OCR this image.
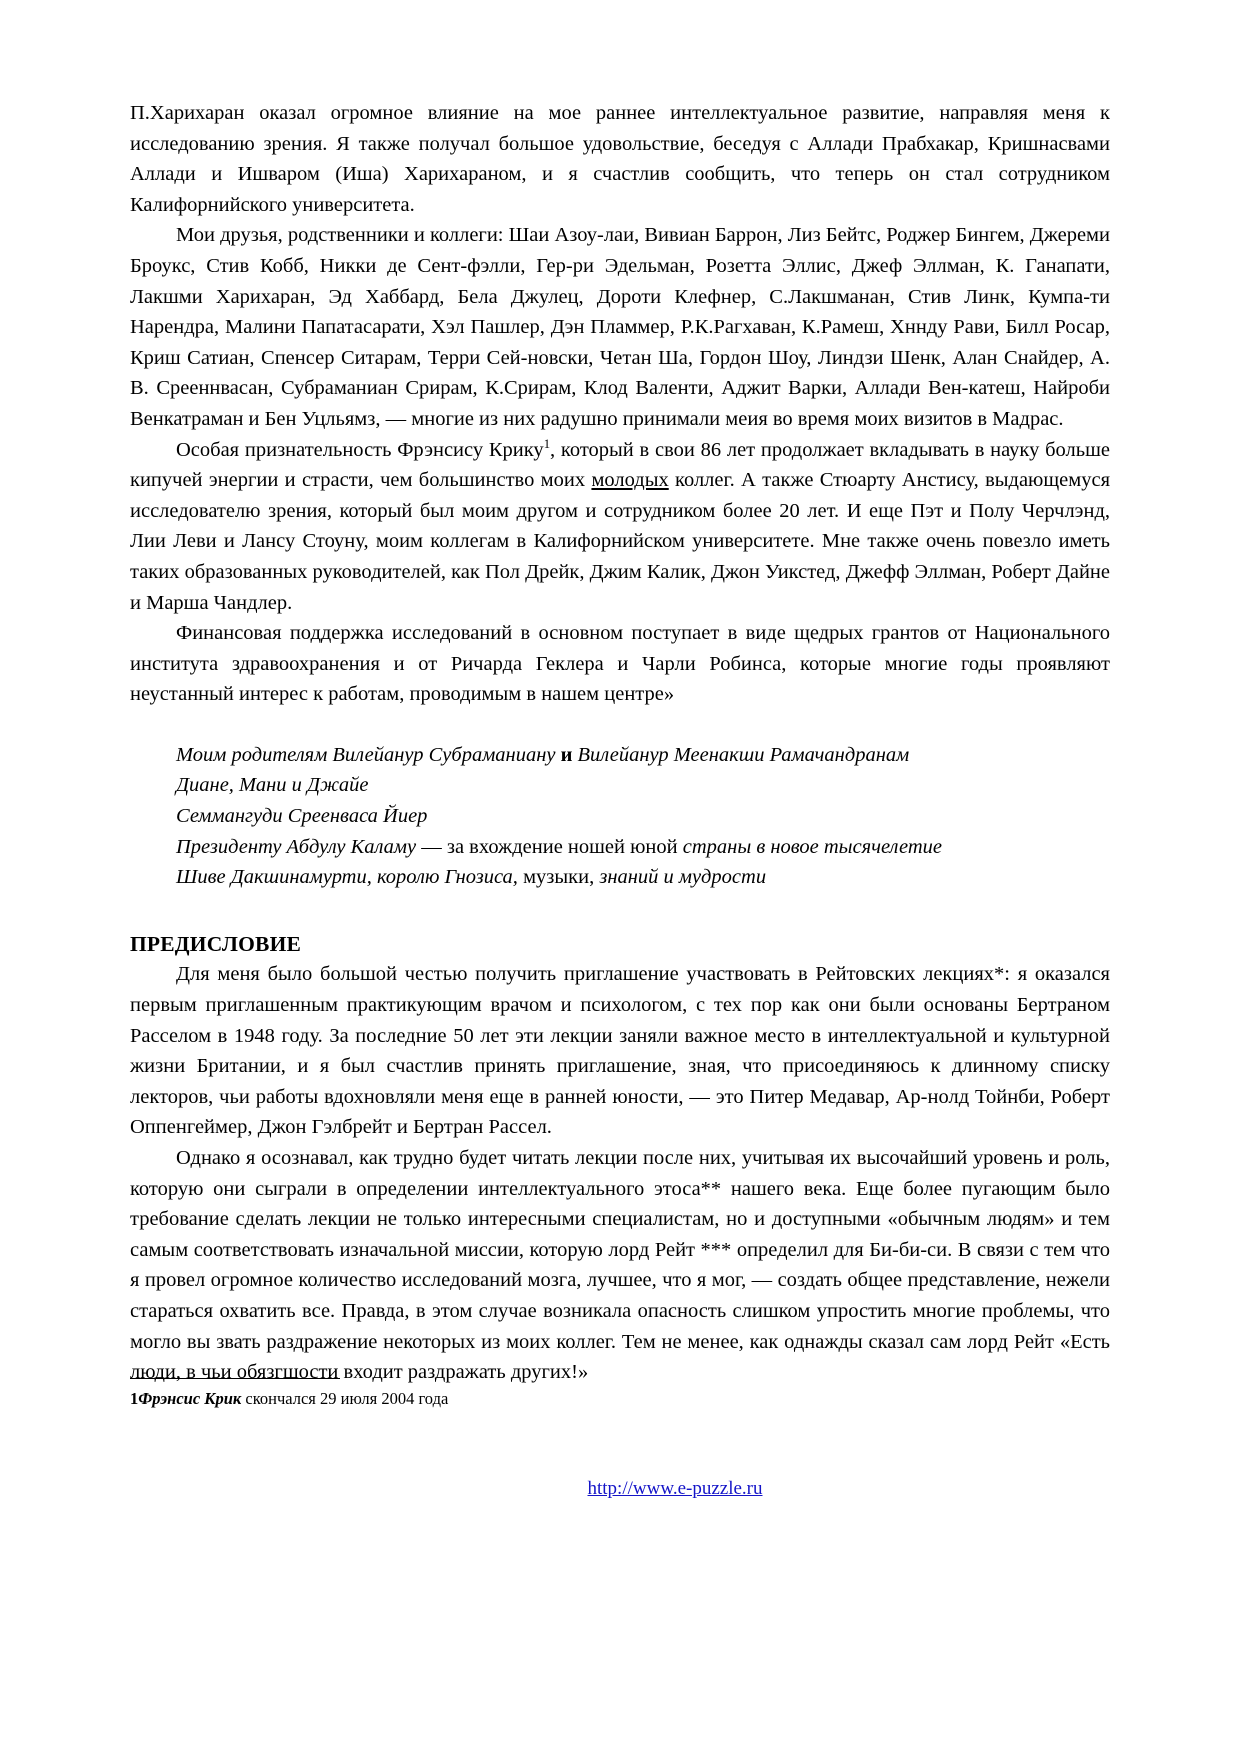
П.Харихаран оказал огромное влияние на мое раннее интеллектуальное развитие, направляя меня к исследованию зрения. Я также получал большое удовольствие, беседуя с Аллади Прабхакар, Кришнасвами Аллади и Ишваром (Иша) Харихараном, и я счастлив сообщить, что теперь он стал сотрудником Калифорнийского университета.

Мои друзья, родственники и коллеги: Шаи Азоу-лаи, Вивиан Баррон, Лиз Бейтс, Роджер Бингем, Джереми Броукс, Стив Кобб, Никки де Сент-фэлли, Гер-ри Эдельман, Розетта Эллис, Джеф Эллман, К. Ганапати, Лакшми Харихаран, Эд Хаббард, Бела Джулец, Дороти Клефнер, С.Лакшманан, Стив Линк, Кумпа-ти Нарендра, Малини Папатасарати, Хэл Пашлер, Дэн Пламмер, Р.К.Рагхаван, К.Рамеш, Хннду Рави, Билл Росар, Криш Сатиан, Спенсер Ситарам, Терри Сей-новски, Четан Ша, Гордон Шоу, Линдзи Шенк, Алан Снайдер, А. В. Срееннвасан, Субраманиан Срирам, К.Срирам, Клод Валенти, Аджит Варки, Аллади Вен-катеш, Найроби Венкатраман и Бен Уцльямз, — многие из них радушно принимали меия во время моих визитов в Мадрас.

Особая признательность Фрэнсису Крику$^1$, который в свои 86 лет продолжает вкладывать в науку больше кипучей энергии и страсти, чем большинство моих молодых коллег. А также Стюарту Анстису, выдающемуся исследователю зрения, который был моим другом и сотрудником более 20 лет. И еще Пэт и Полу Черчлэнд, Лии Леви и Лансу Стоуну, моим коллегам в Калифорнийском университете. Мне также очень повезло иметь таких образованных руководителей, как Пол Дрейк, Джим Калик, Джон Уикстед, Джефф Эллман, Роберт Дайне и Марша Чандлер.

Финансовая поддержка исследований в основном поступает в виде щедрых грантов от Национального института здравоохранения и от Ричарда Геклера и Чарли Робинса, которые многие годы проявляют неустанный интерес к работам, проводимым в нашем центре»

Моим родителям Вилейанур Субраманиану и Вилейанур Меенакши Рамачандранам

Диане, Мани и Джайе

Семмангуди Среенваса Йиер

Президенту Абдулу Каламу — за вхождение ношей юной страны в новое тысячелетие

Шиве Дакшинамурти, королю Гнозиса, музыки, знаний и мудрости

ПРЕДИСЛОВИЕ

Для меня было большой честью получить приглашение участвовать в Рейтовских лекциях*: я оказался первым приглашенным практикующим врачом и психологом, с тех пор как они были основаны Бертраном Расселом в 1948 году. За последние 50 лет эти лекции заняли важное место в интеллектуальной и культурной жизни Британии, и я был счастлив принять приглашение, зная, что присоединяюсь к длинному списку лекторов, чьи работы вдохновляли меня еще в ранней юности, — это Питер Медавар, Ар-нолд Тойнби, Роберт Оппенгеймер, Джон Гэлбрейт и Бертран Рассел.

Однако я осознавал, как трудно будет читать лекции после них, учитывая их высочайший уровень и роль, которую они сыграли в определении интеллектуального этоса** нашего века. Еще более пугающим было требование сделать лекции не только интересными специалистам, но и доступными «обычным людям» и тем самым соответствовать изначальной миссии, которую лорд Рейт *** определил для Би-би-си. В связи с тем что я провел огромное количество исследований мозга, лучшее, что я мог, — создать общее представление, нежели стараться охватить все. Правда, в этом случае возникала опасность слишком упростить многие проблемы, что могло вы звать раздражение некоторых из моих коллег. Тем не менее, как однажды сказал сам лорд Рейт «Есть люди, в чьи обязгшости входит раздражать других!»

1Фрэнсис Крик скончался 29 июля 2004 года

http://www.e-puzzle.ru
